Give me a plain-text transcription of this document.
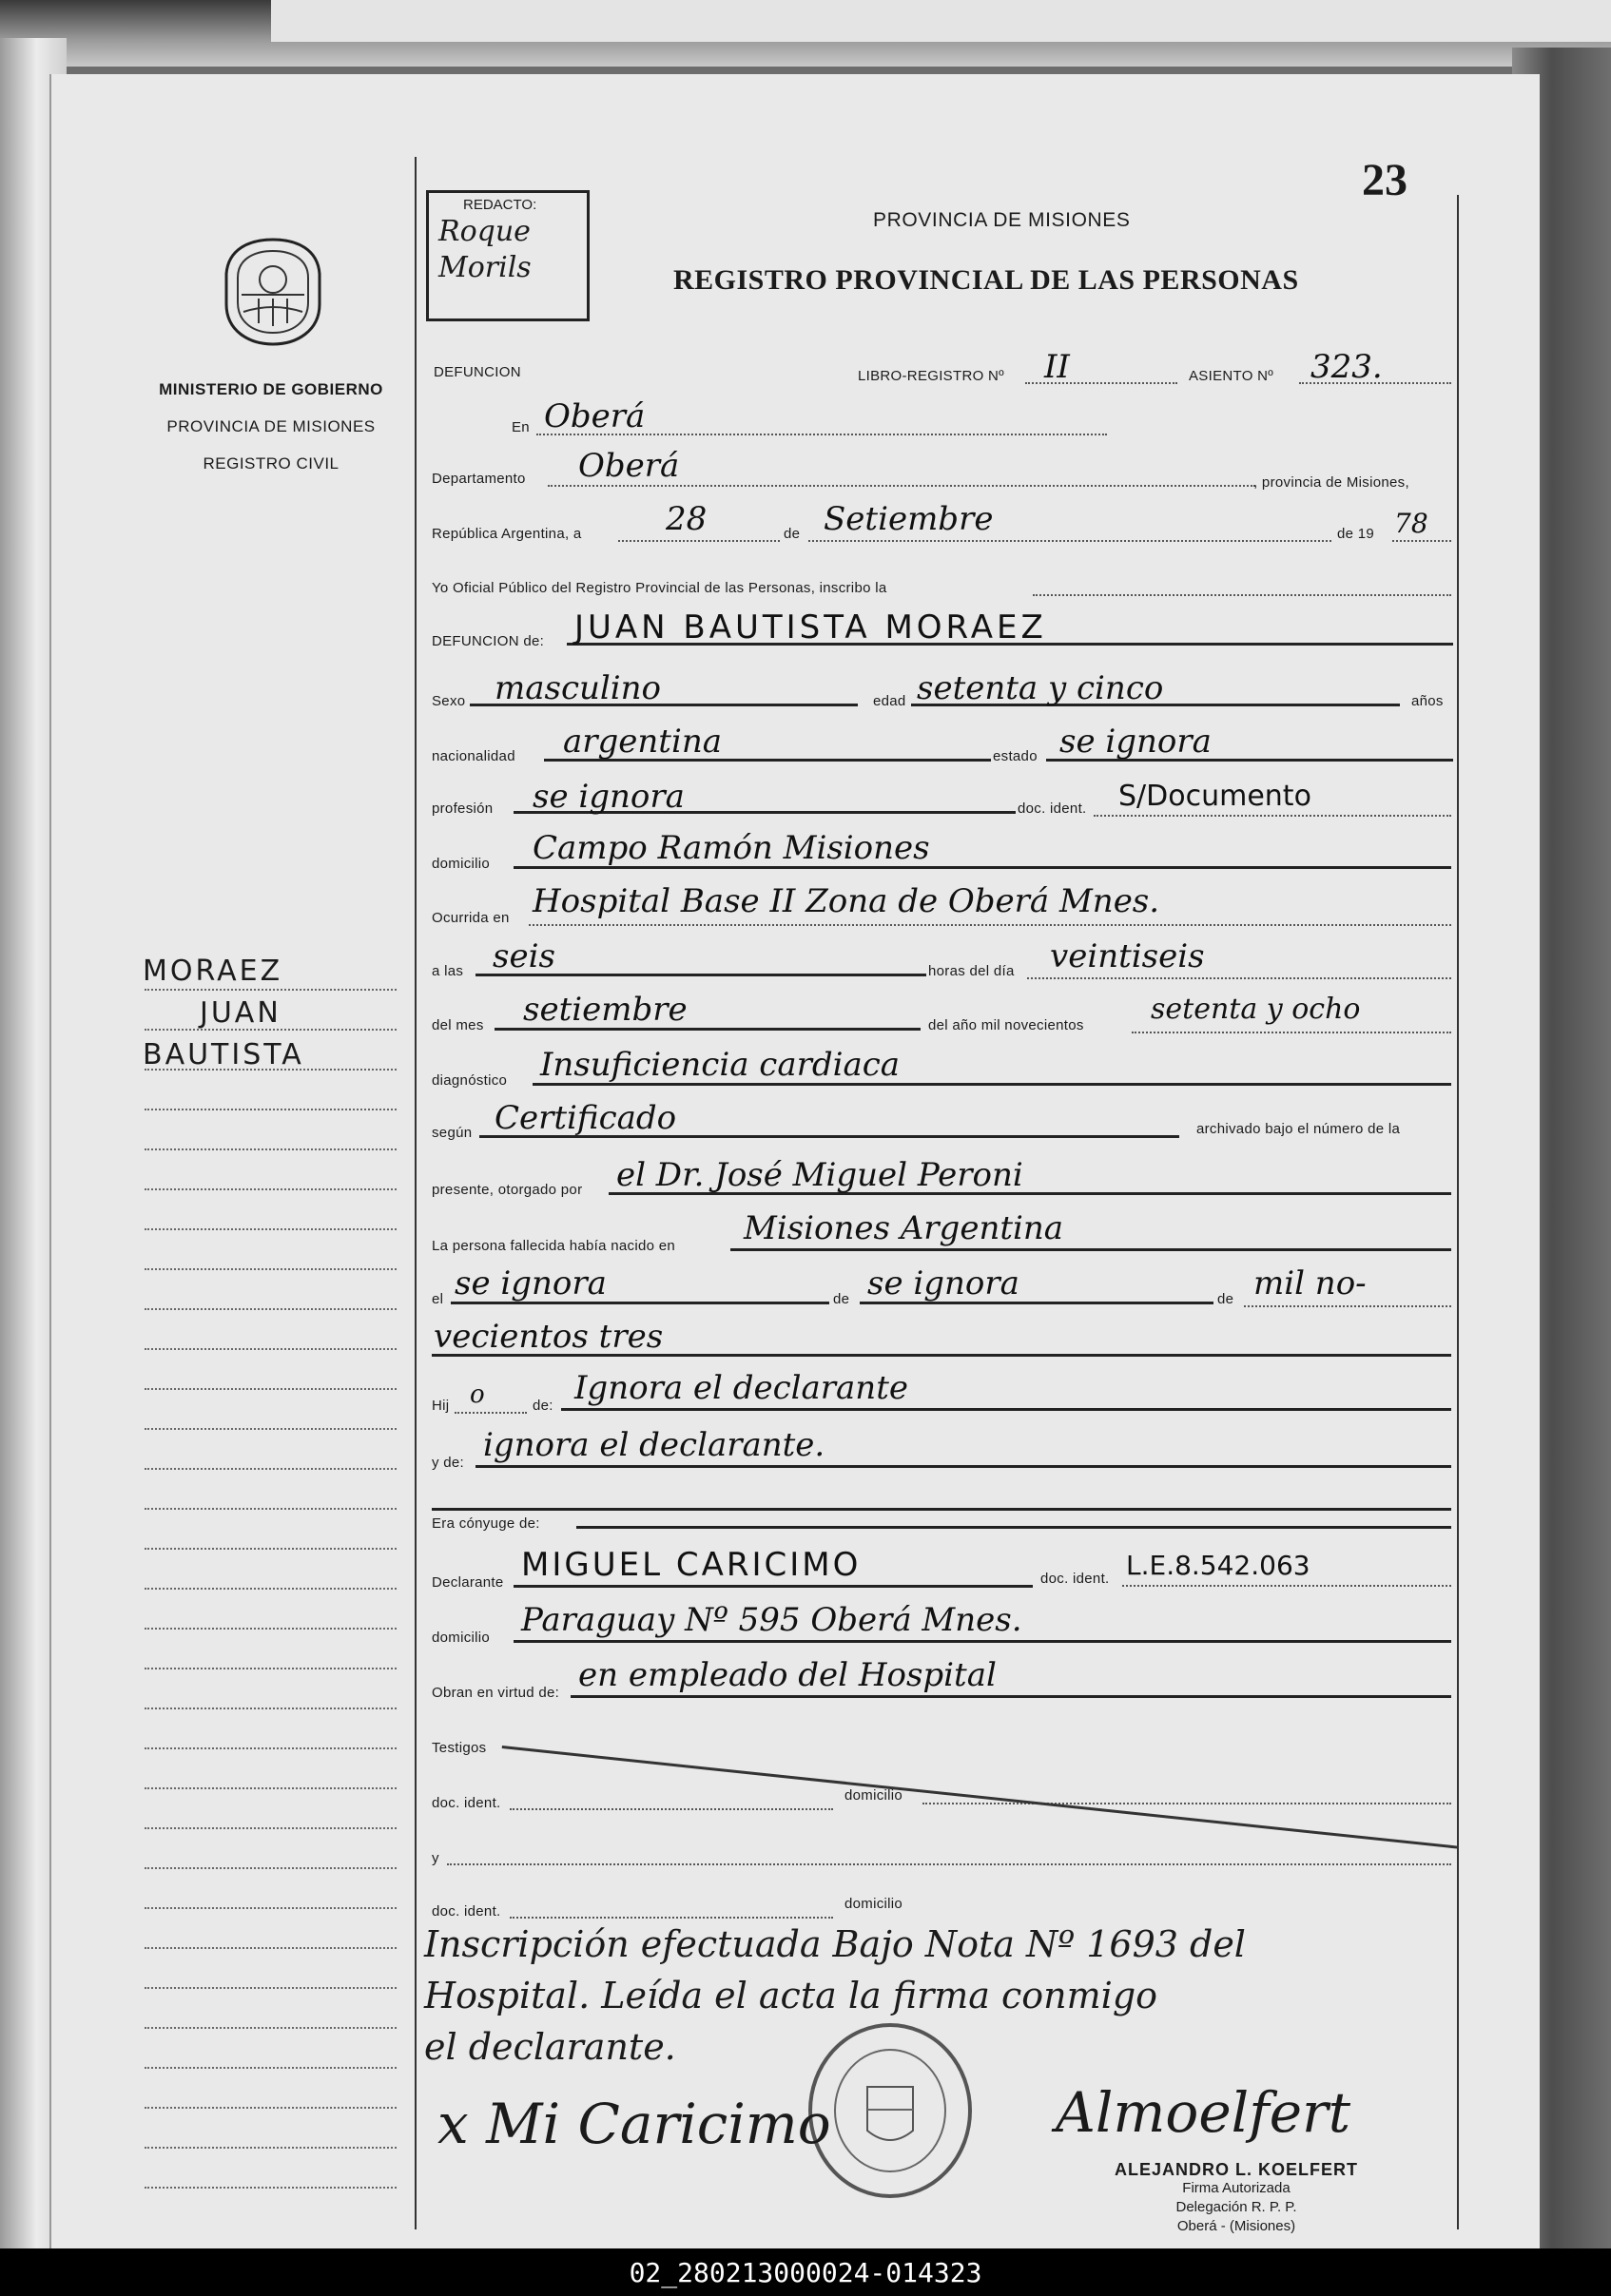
MINISTERIO DE GOBIERNO
PROVINCIA DE MISIONES
REGISTRO CIVIL
REDACTO:
Roque
Morils
23
PROVINCIA DE MISIONES
REGISTRO PROVINCIAL DE LAS PERSONAS
DEFUNCION	LIBRO-REGISTRO Nº II	ASIENTO Nº 323.
En Oberá
Departamento Oberá	, provincia de Misiones,
República Argentina, a	28	de Setiembre	de 19 78
Yo Oficial Público del Registro Provincial de las Personas, inscribo la
DEFUNCION de: JUAN BAUTISTA MORAEZ
Sexo masculino	edad setenta y cinco	años
nacionalidad argentina	estado se ignora
profesión se ignora	doc. ident. S/Documento
domicilio Campo Ramón Misiones
Ocurrida en Hospital Base II Zona de Oberá Mnes.
a las seis	horas del día veintiseis
del mes setiembre	del año mil novecientos setenta y ocho
diagnóstico Insuficiencia cardiaca
según Certificado	archivado bajo el número de la
presente, otorgado por el Dr. José Miguel Peroni
La persona fallecida había nacido en Misiones Argentina
el se ignora	de se ignora	de mil no-
vecientos tres
Hij o	de: Ignora el declarante
y de: ignora el declarante.
Era cónyuge de:
Declarante MIGUEL CARICIMO	doc. ident. L.E.8.542.063
domicilio Paraguay Nº 595 Oberá Mnes.
Obran en virtud de: en empleado del Hospital
Testigos
doc. ident.	domicilio
y
doc. ident.	domicilio
Inscripción efectuada Bajo Nota Nº 1693 del
Hospital. Leída el acta la firma conmigo
el declarante.
x Mi Caricimo	Almoelfert
ALEJANDRO L. KOELFERT
Firma Autorizada
Delegación R. P. P.
Oberá - (Misiones)
MORAEZ
JUAN
BAUTISTA
02_280213000024-014323
